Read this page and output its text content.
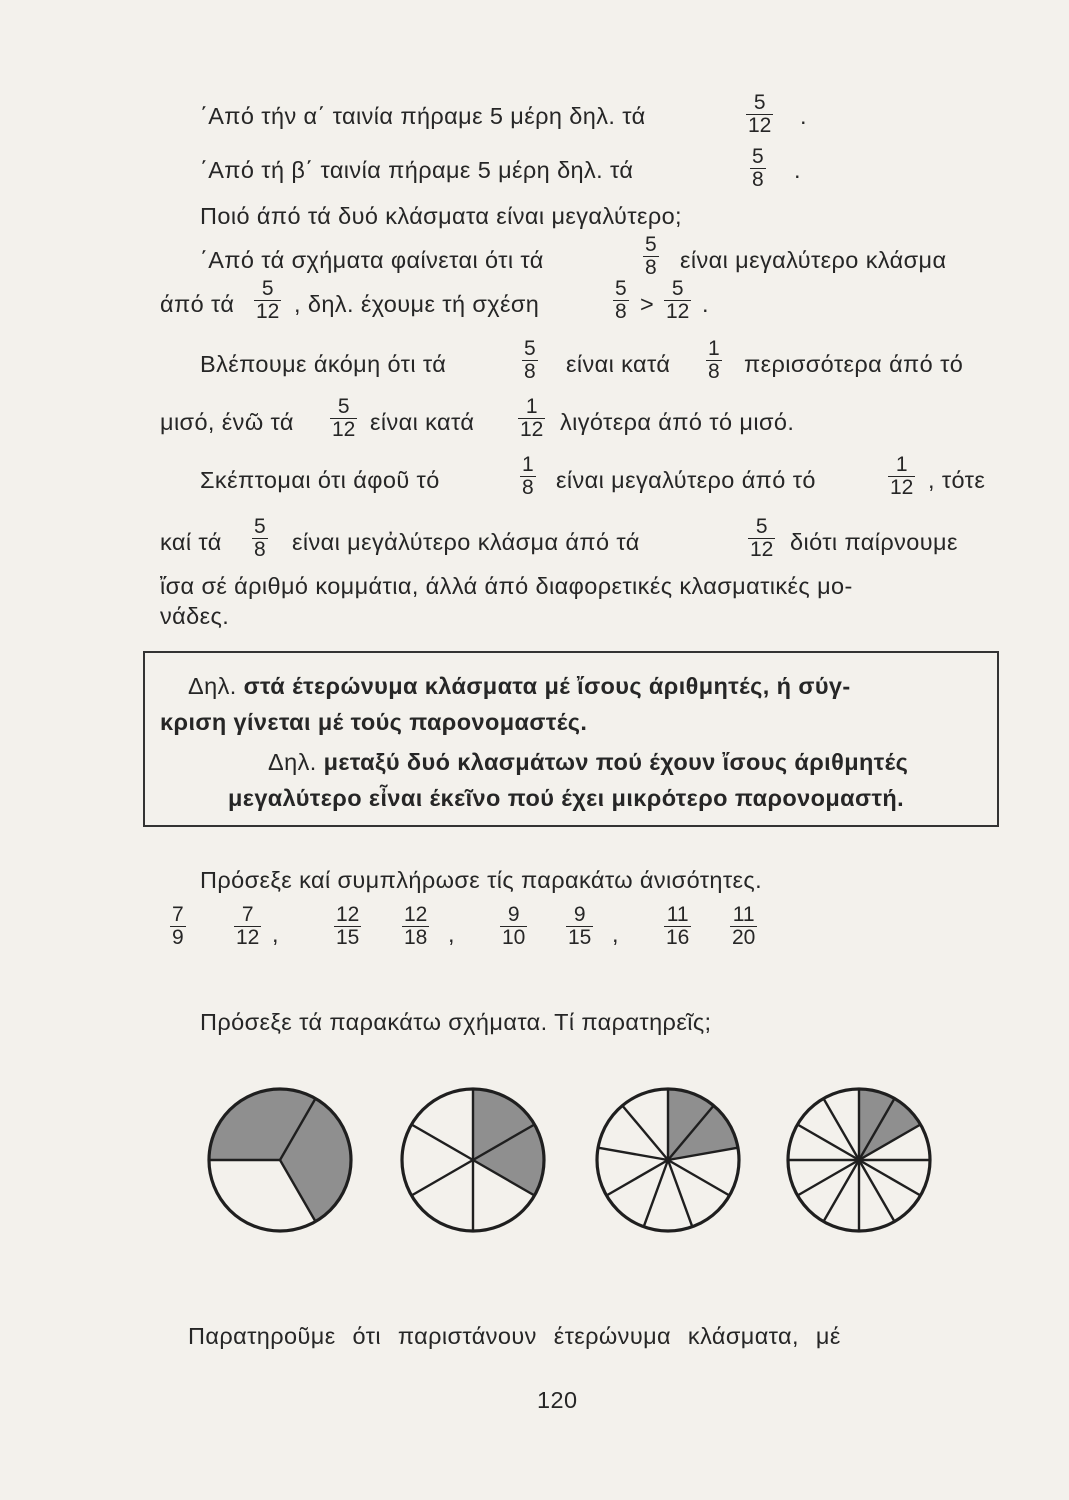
΄Από τήν α΄ ταινία πήραμε 5 μέρη δηλ. τά
5
12 .
΄Από τή β΄ ταινία πήραμε 5 μέρη δηλ. τά
5
8 .
Ποιό άπό τά δυό κλάσματα είναι μεγαλύτερο;
΄Από τά σχήματα φαίνεται ότι τά
5
8 είναι μεγαλύτερο κλάσμα
άπό τά
5
12 , δηλ. έχουμε τή σχέση
5
8 >
5
12 .
Βλέπουμε άκόμη ότι τά
5
8 είναι κατά
1
8 περισσότερα άπό τό
μισό, ένῶ τά
5
12 είναι κατά
1
12 λιγότερα άπό τό μισό.
Σκέπτομαι ότι άφοῦ τό
1
8 είναι μεγαλύτερο άπό τό
1
12 , τότε
καί τά
5
8 είναι μεγἀλύτερο κλάσμα άπό τά
5
12 διότι παίρνουμε
ἴσα σέ άριθμό κομμάτια, άλλά άπό διαφορετικές κλασματικές μο-
νάδες.
Δηλ. στά έτερώνυμα κλάσματα μέ ἴσους άριθμητές, ή σύγ-
κριση γίνεται μέ τούς παρονομαστές.
Δηλ. μεταξύ δυό κλασμάτων πού έχουν ἴσους άριθμητές
μεγαλύτερο εἶναι έκεῖνο πού έχει μικρότερο παρονομαστή.
Πρόσεξε καί συμπλήρωσε τίς παρακάτω άνισότητες.
7
9
7
12 ,
12
15
12
18 ,
9
10
9
15 ,
11
16
11
20
Πρόσεξε τά παρακάτω σχήματα. Τί παρατηρεῖς;
Παρατηροῦμε ότι παριστάνουν έτερώνυμα κλάσματα, μέ
120
